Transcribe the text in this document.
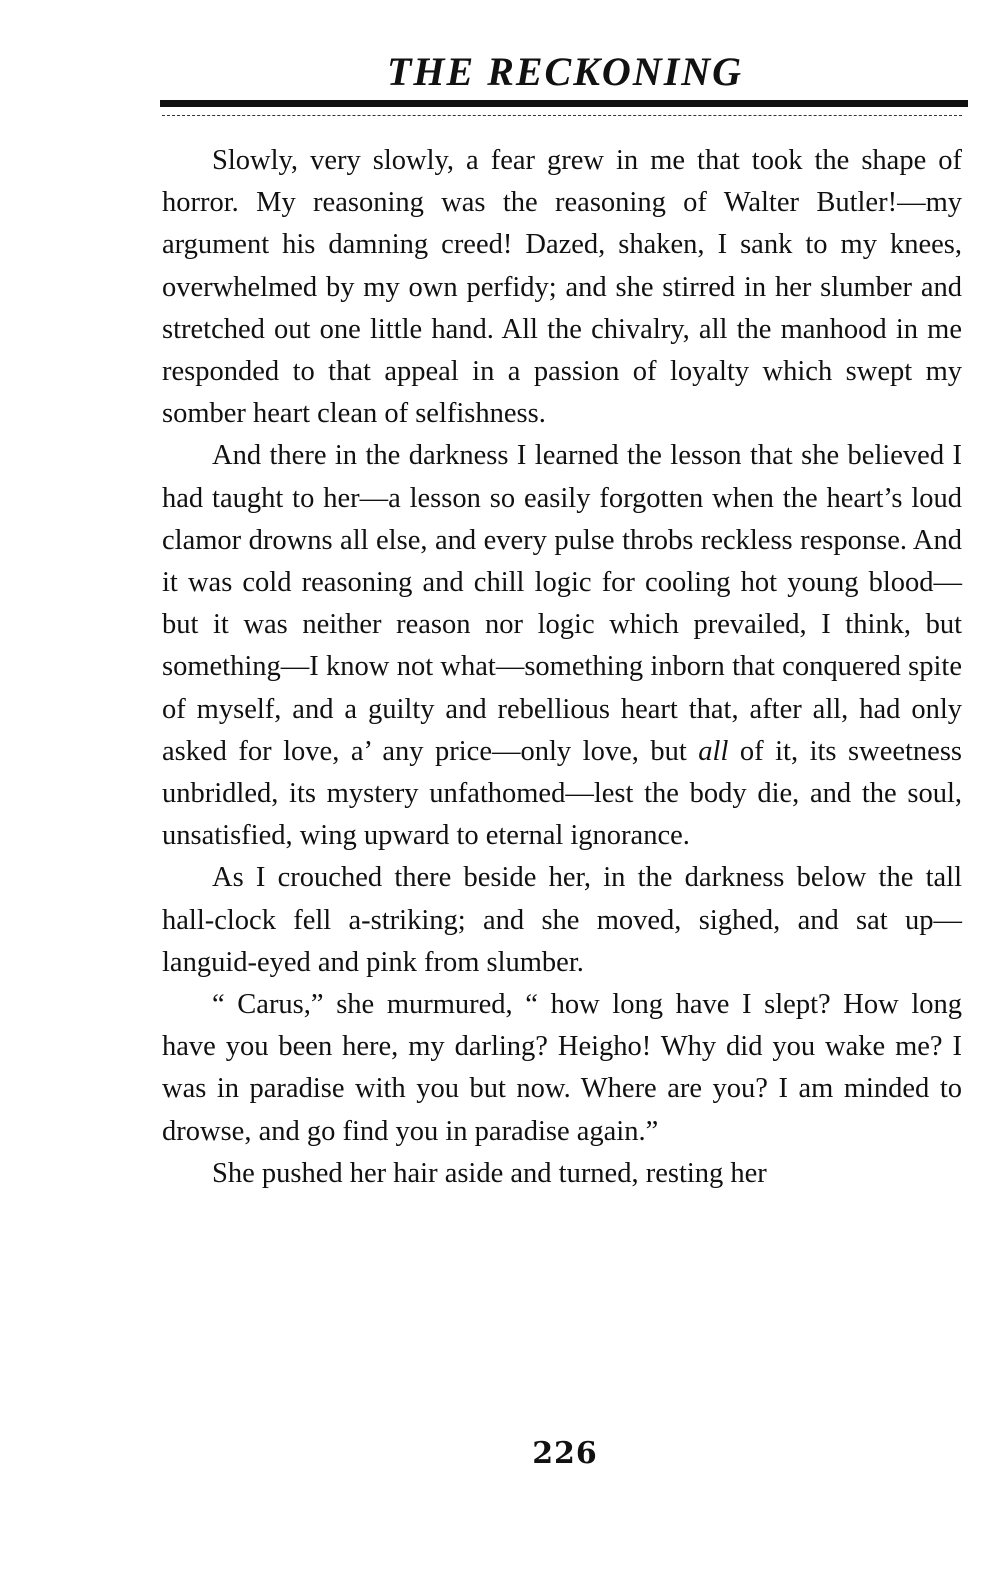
THE RECKONING

Slowly, very slowly, a fear grew in me that took the shape of horror. My reasoning was the reasoning of Walter Butler!—my argument his damning creed! Dazed, shaken, I sank to my knees, overwhelmed by my own perfidy; and she stirred in her slumber and stretched out one little hand. All the chivalry, all the manhood in me responded to that appeal in a passion of loyalty which swept my somber heart clean of selfishness.

And there in the darkness I learned the lesson that she believed I had taught to her—a lesson so easily forgotten when the heart’s loud clamor drowns all else, and every pulse throbs reckless response. And it was cold reasoning and chill logic for cooling hot young blood—but it was neither reason nor logic which prevailed, I think, but something—I know not what—something inborn that conquered spite of myself, and a guilty and rebellious heart that, after all, had only asked for love, a’ any price—only love, but all of it, its sweetness unbridled, its mystery unfathomed—lest the body die, and the soul, unsatisfied, wing upward to eternal ignorance.

As I crouched there beside her, in the darkness below the tall hall-clock fell a-striking; and she moved, sighed, and sat up—languid-eyed and pink from slumber.

“ Carus,” she murmured, “ how long have I slept? How long have you been here, my darling? Heigho! Why did you wake me? I was in paradise with you but now. Where are you? I am minded to drowse, and go find you in paradise again.”

She pushed her hair aside and turned, resting her

226
